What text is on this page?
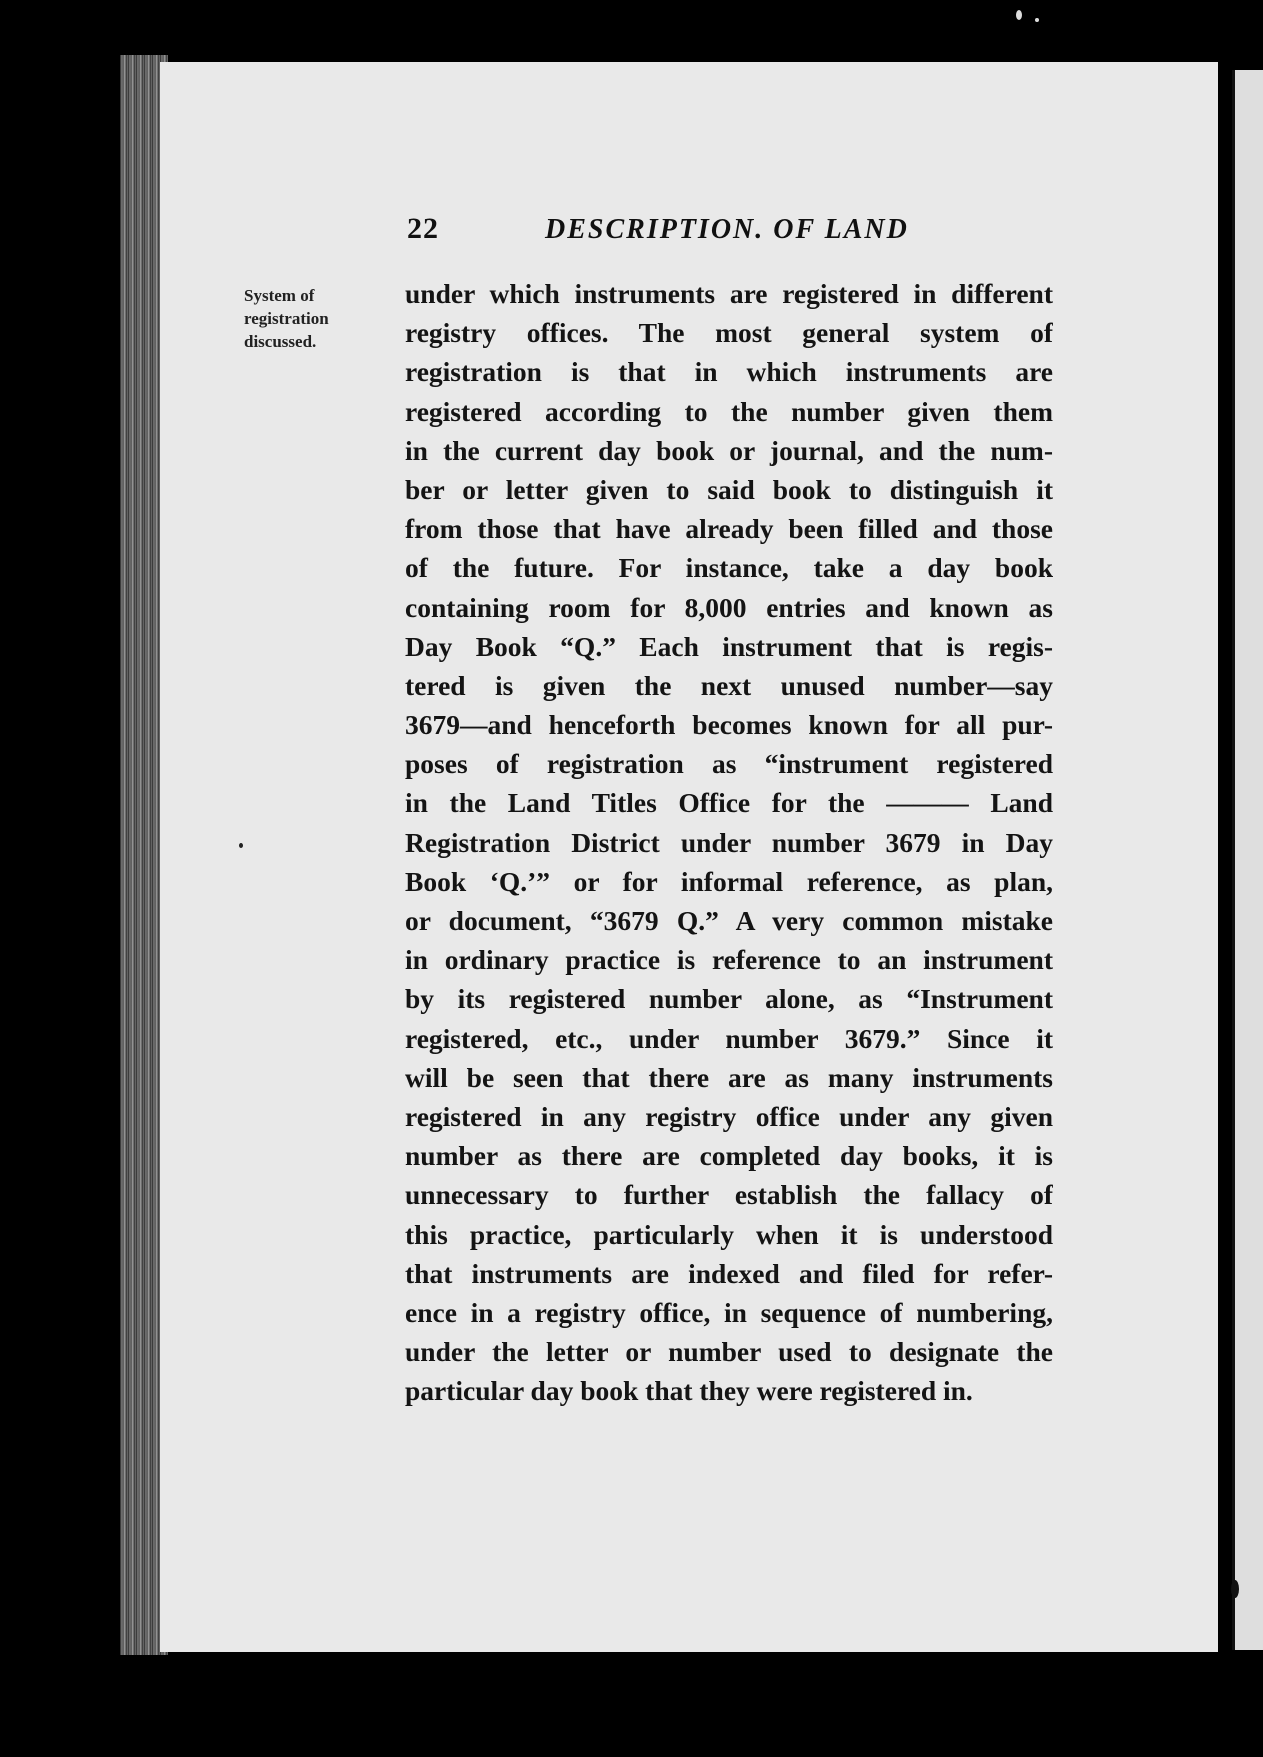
22	DESCRIPTION. OF LAND
System of
registration
discussed.
under which instruments are registered in different
registry offices. The most general system of
registration is that in which instruments are
registered according to the number given them
in the current day book or journal, and the num-
ber or letter given to said book to distinguish it
from those that have already been filled and those
of the future. For instance, take a day book
containing room for 8,000 entries and known as
Day Book “Q.” Each instrument that is regis-
tered is given the next unused number—say
3679—and henceforth becomes known for all pur-
poses of registration as “instrument registered
in the Land Titles Office for the ——— Land
Registration District under number 3679 in Day
Book ‘Q.’” or for informal reference, as plan,
or document, “3679 Q.” A very common mistake
in ordinary practice is reference to an instrument
by its registered number alone, as “Instrument
registered, etc., under number 3679.” Since it
will be seen that there are as many instruments
registered in any registry office under any given
number as there are completed day books, it is
unnecessary to further establish the fallacy of
this practice, particularly when it is understood
that instruments are indexed and filed for refer-
ence in a registry office, in sequence of numbering,
under the letter or number used to designate the
particular day book that they were registered in.
